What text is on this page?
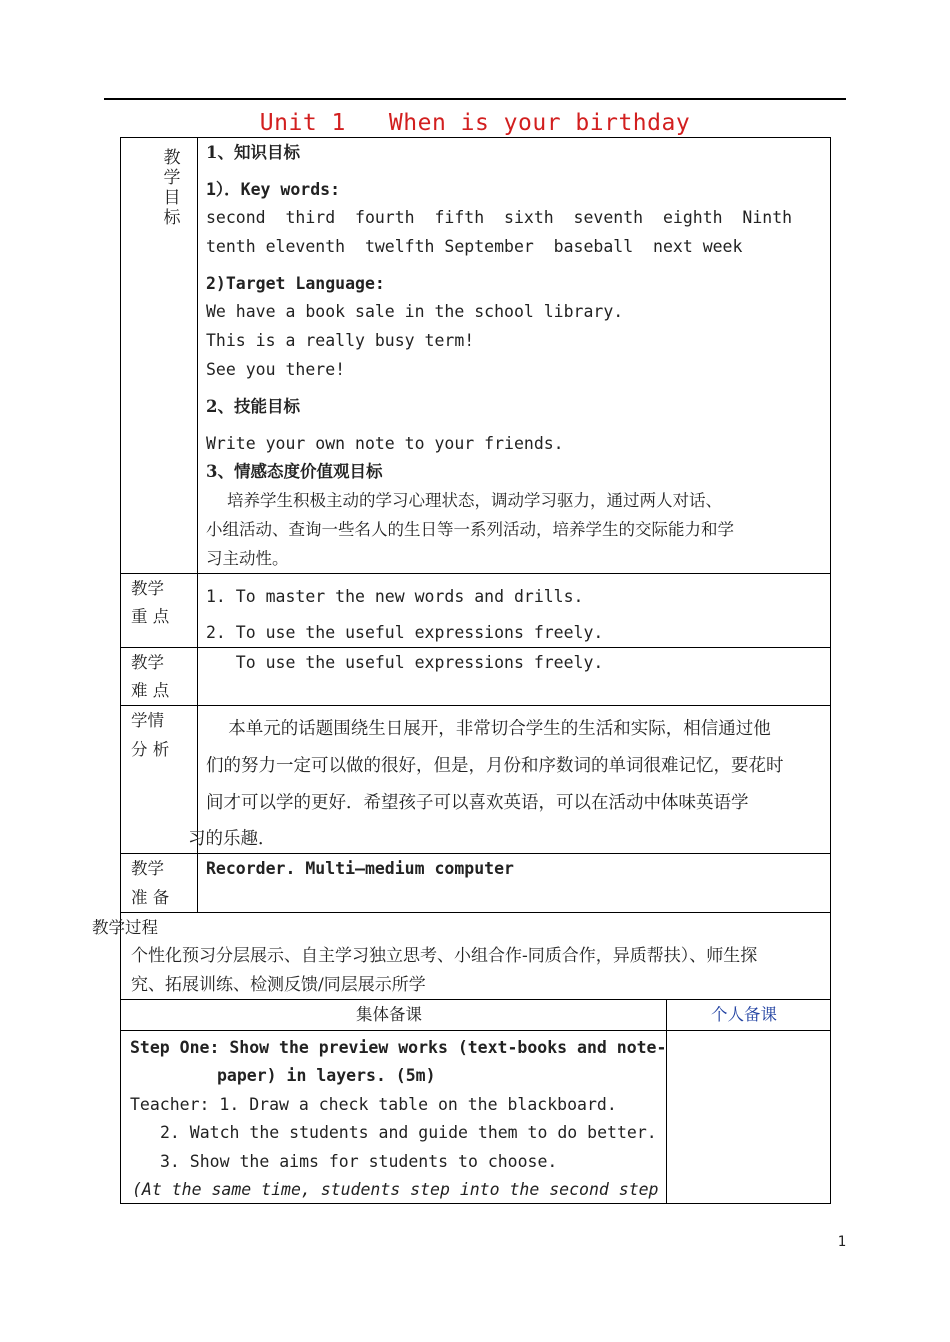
Unit 1   When is your birthday
教
学
目
标
1、知识目标
1）．Key words:
second  third  fourth  fifth  sixth  seventh  eighth  Ninth
tenth eleventh  twelfth September  baseball  next week
2)Target Language:
We have a book sale in the school library.
This is a really busy term!
See you there!
2、技能目标
Write your own note to your friends.
3、情感态度价值观目标
培养学生积极主动的学习心理状态，调动学习驱力，通过两人对话、
小组活动、查询一些名人的生日等一系列活动，培养学生的交际能力和学
习主动性。
教学
重 点
1. To master the new words and drills.
2. To use the useful expressions freely.
教学
难 点
To use the useful expressions freely.
学情
分 析
本单元的话题围绕生日展开，非常切合学生的生活和实际，相信通过他
们的努力一定可以做的很好，但是，月份和序数词的单词很难记忆，要花时
间才可以学的更好．希望孩子可以喜欢英语，可以在活动中体味英语学
习的乐趣．
教学
准 备
Recorder. Multi—medium computer
教学过程
个性化预习分层展示、自主学习独立思考、小组合作-同质合作，异质帮扶）、师生探
究、拓展训练、检测反馈/同层展示所学
集体备课	个人备课
Step One: Show the preview works (text-books and note-
paper) in layers. (5m)
Teacher: 1. Draw a check table on the blackboard.
2. Watch the students and guide them to do better.
3. Show the aims for students to choose.
(At the same time, students step into the second step
1
